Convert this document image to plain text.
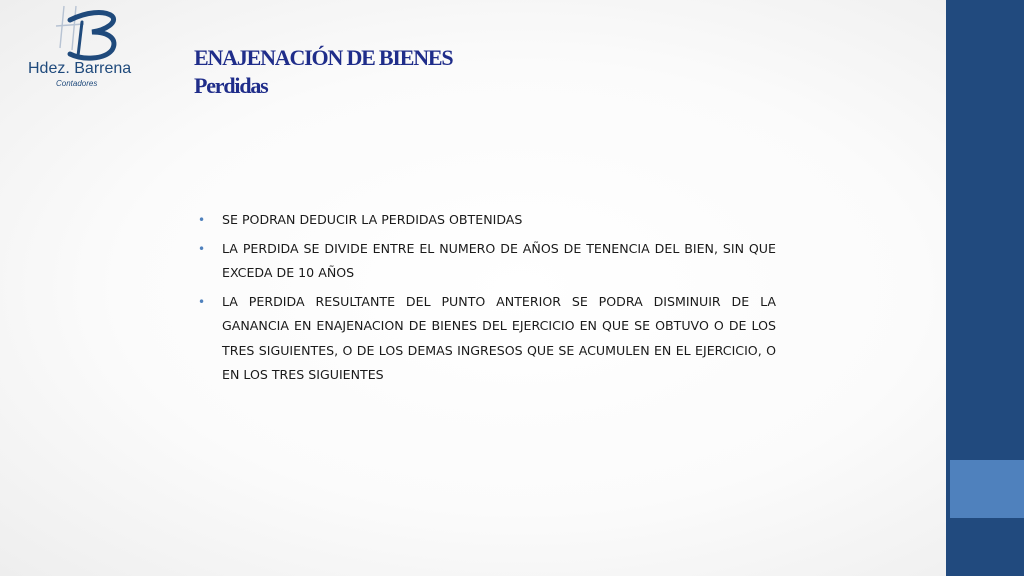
Hdez. Barrena
Contadores
ENAJENACIÓN DE BIENES
Perdidas
• SE PODRAN DEDUCIR LA PERDIDAS OBTENIDAS
• LA PERDIDA SE DIVIDE ENTRE EL NUMERO DE AÑOS DE TENENCIA DEL BIEN, SIN QUE EXCEDA DE 10 AÑOS
• LA PERDIDA RESULTANTE DEL PUNTO ANTERIOR SE PODRA DISMINUIR DE LA GANANCIA EN ENAJENACION DE BIENES DEL EJERCICIO EN QUE SE OBTUVO O DE LOS TRES SIGUIENTES, O DE LOS DEMAS INGRESOS QUE SE ACUMULEN EN EL EJERCICIO, O EN LOS TRES SIGUIENTES
